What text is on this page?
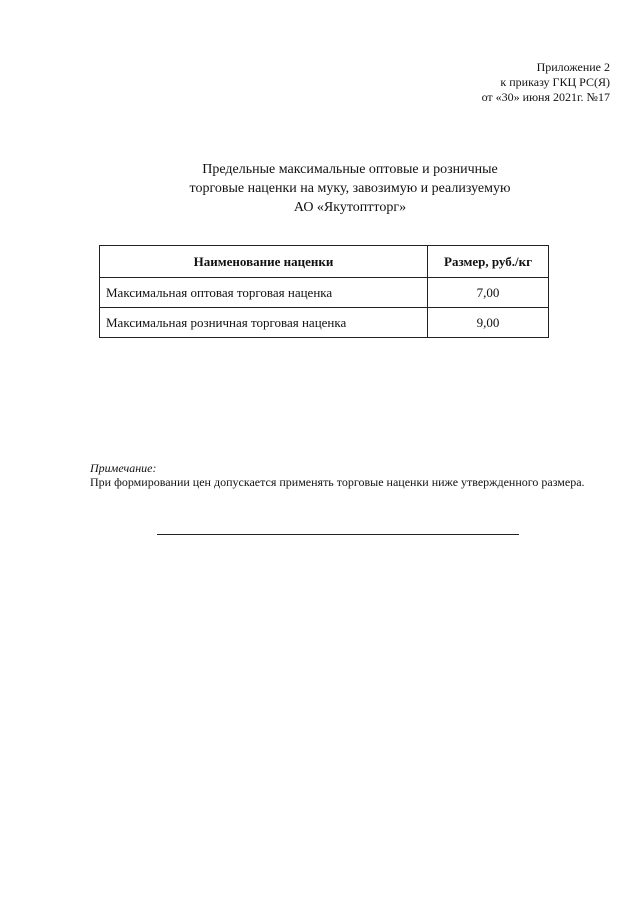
Приложение 2
к приказу ГКЦ РС(Я)
от «30» июня 2021г. №17
Предельные максимальные оптовые и розничные
торговые наценки на муку, завозимую и реализуемую
АО «Якутоптторг»
Наименование наценки	Размер, руб./кг
Максимальная оптовая торговая наценка	7,00
Максимальная розничная торговая наценка	9,00
Примечание:
При формировании цен допускается применять торговые наценки ниже утвержденного размера.
